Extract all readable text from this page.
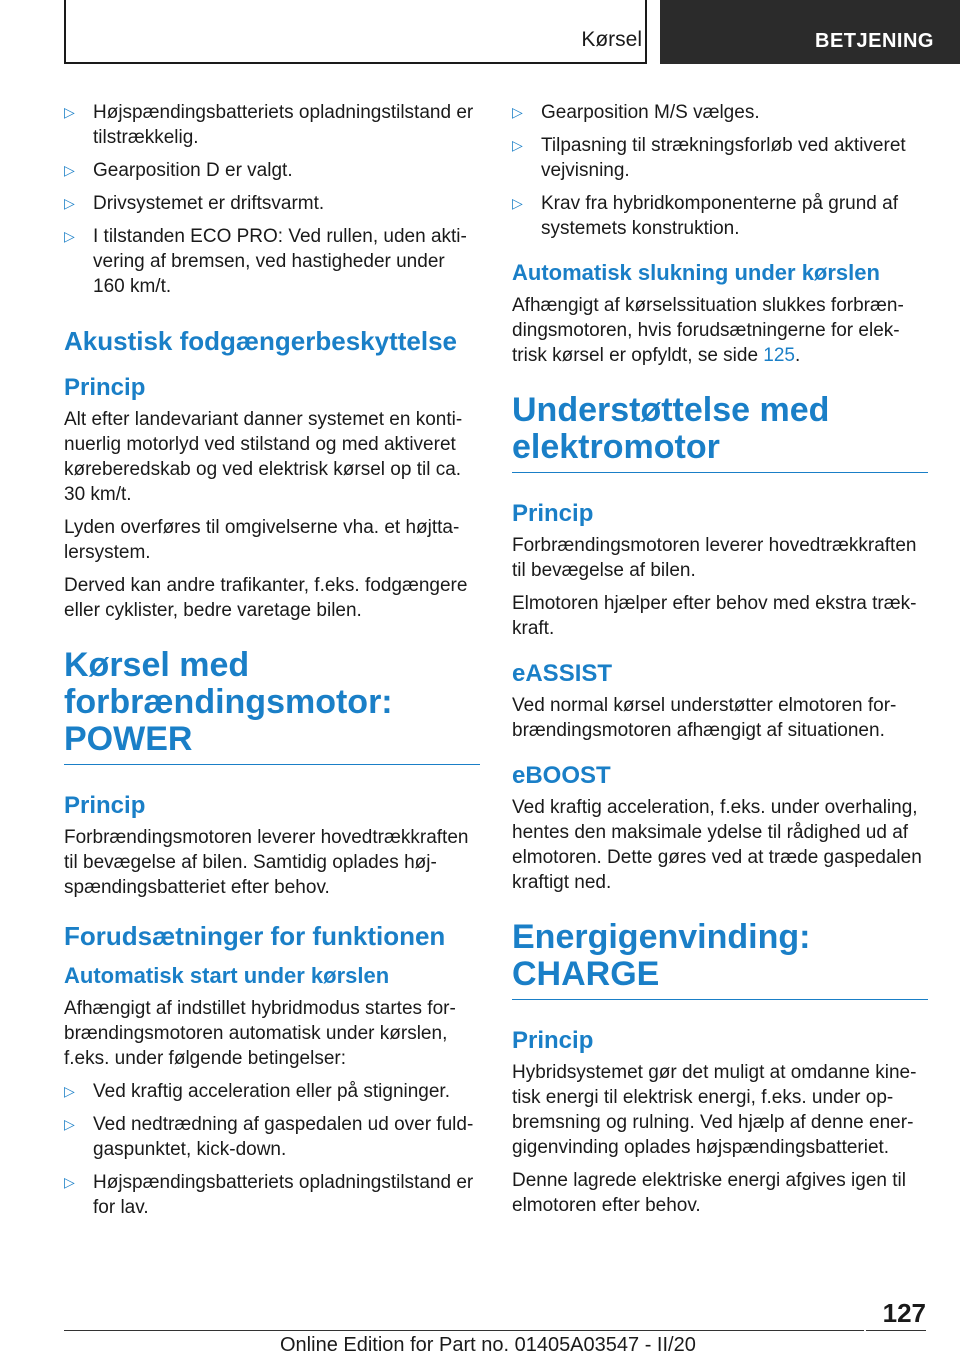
Kørsel	BETJENING
▷ Højspændingsbatteriets opladningstilstand er tilstrækkelig.
▷ Gearposition D er valgt.
▷ Drivsystemet er driftsvarmt.
▷ I tilstanden ECO PRO: Ved rullen, uden aktivering af bremsen, ved hastigheder under 160 km/t.
Akustisk fodgængerbeskyttelse
Princip

Alt efter landevariant danner systemet en kontinuerlig motorlyd ved stilstand og med aktiveret køreberedskab og ved elektrisk kørsel op til ca. 30 km/t.

Lyden overføres til omgivelserne vha. et højttalersystem.

Derved kan andre trafikanter, f.eks. fodgængere eller cyklister, bedre varetage bilen.

Kørsel med forbrændingsmotor: POWER
Princip

Forbrændingsmotoren leverer hovedtrækkraften til bevægelse af bilen. Samtidig oplades højspændingsbatteriet efter behov.

Forudsætninger for funktionen
Automatisk start under kørslen

Afhængigt af indstillet hybridmodus startes forbrændingsmotoren automatisk under kørslen, f.eks. under følgende betingelser:

▷ Ved kraftig acceleration eller på stigninger.
▷ Ved nedtrædning af gaspedalen ud over fuldgaspunktet, kick-down.
▷ Højspændingsbatteriets opladningstilstand er for lav.
▷ Gearposition M/S vælges.
▷ Tilpasning til strækningsforløb ved aktiveret vejvisning.
▷ Krav fra hybridkomponenterne på grund af systemets konstruktion.
Automatisk slukning under kørslen

Afhængigt af kørselssituation slukkes forbrændingsmotoren, hvis forudsætningerne for elektrisk kørsel er opfyldt, se side 125.

Understøttelse med elektromotor
Princip

Forbrændingsmotoren leverer hovedtrækkraften til bevægelse af bilen.

Elmotoren hjælper efter behov med ekstra trækkraft.

eASSIST

Ved normal kørsel understøtter elmotoren forbrændingsmotoren afhængigt af situationen.

eBOOST

Ved kraftig acceleration, f.eks. under overhaling, hentes den maksimale ydelse til rådighed ud af elmotoren. Dette gøres ved at træde gaspedalen kraftigt ned.

Energigenvinding: CHARGE
Princip

Hybridsystemet gør det muligt at omdanne kinetisk energi til elektrisk energi, f.eks. under opbremsning og rulning. Ved hjælp af denne energigenvinding oplades højspændingsbatteriet.

Denne lagrede elektriske energi afgives igen til elmotoren efter behov.

127
Online Edition for Part no. 01405A03547 - II/20
